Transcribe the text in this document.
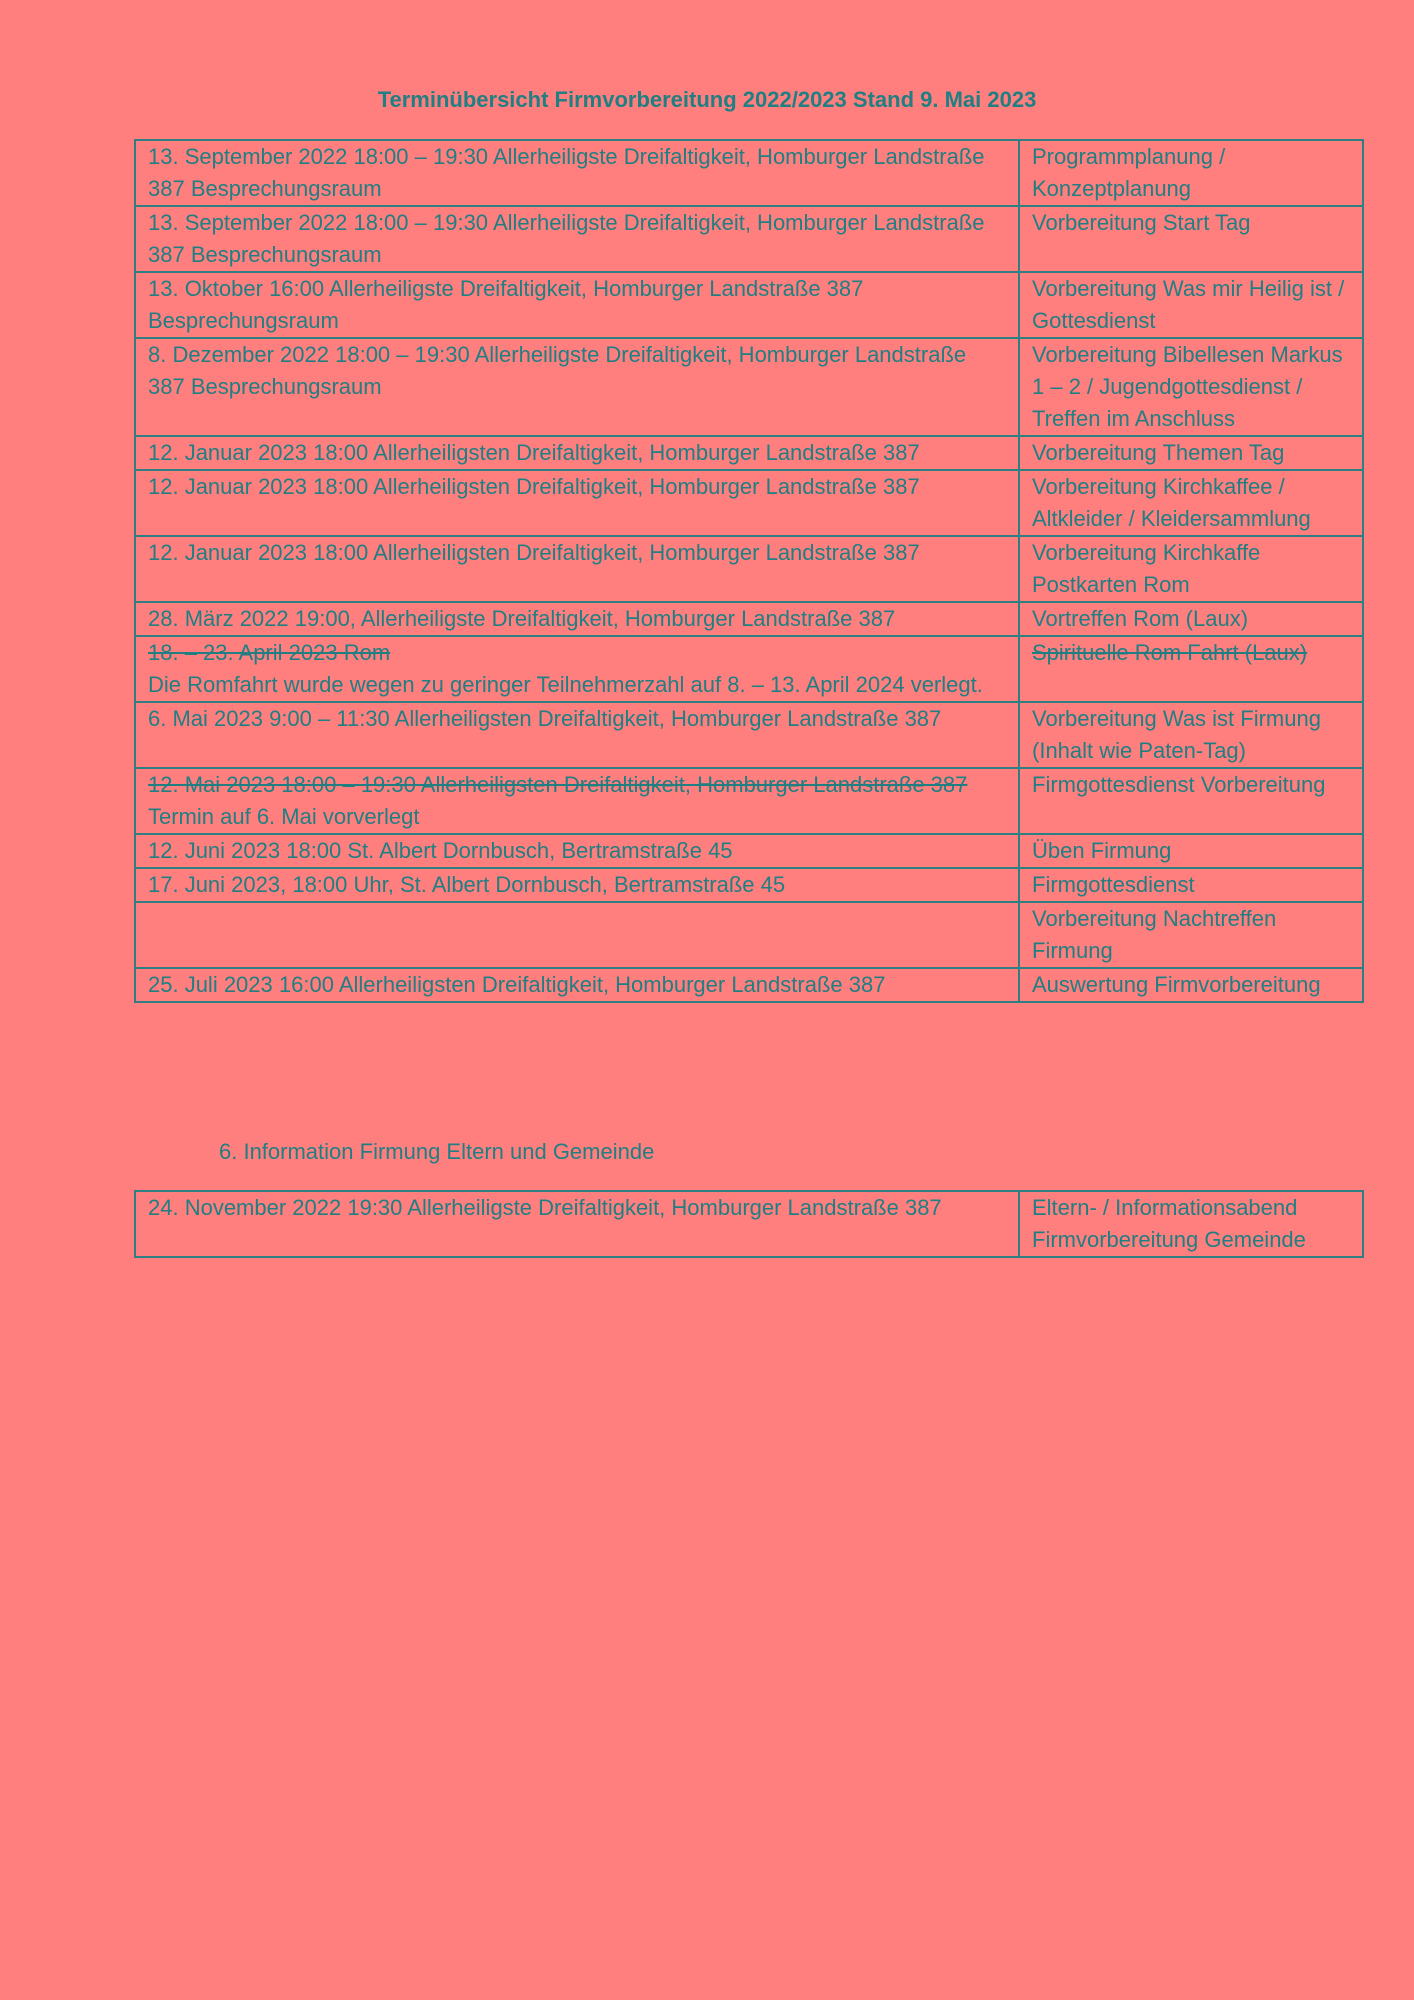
Terminübersicht Firmvorbereitung 2022/2023 Stand 9. Mai 2023
13. September 2022 18:00 – 19:30 Allerheiligste Dreifaltigkeit, Homburger Landstraße 387 Besprechungsraum	Programmplanung / Konzeptplanung
13. September 2022 18:00 – 19:30 Allerheiligste Dreifaltigkeit, Homburger Landstraße 387 Besprechungsraum	Vorbereitung Start Tag
13. Oktober 16:00 Allerheiligste Dreifaltigkeit, Homburger Landstraße 387 Besprechungsraum	Vorbereitung Was mir Heilig ist / Gottesdienst
8. Dezember 2022 18:00 – 19:30 Allerheiligste Dreifaltigkeit, Homburger Landstraße 387 Besprechungsraum	Vorbereitung Bibellesen Markus 1 – 2 / Jugendgottesdienst / Treffen im Anschluss
12. Januar 2023 18:00 Allerheiligsten Dreifaltigkeit, Homburger Landstraße 387	Vorbereitung Themen Tag
12. Januar 2023 18:00 Allerheiligsten Dreifaltigkeit, Homburger Landstraße 387	Vorbereitung Kirchkaffee / Altkleider / Kleidersammlung
12. Januar 2023 18:00 Allerheiligsten Dreifaltigkeit, Homburger Landstraße 387	Vorbereitung Kirchkaffe Postkarten Rom
28. März 2022 19:00, Allerheiligste Dreifaltigkeit, Homburger Landstraße 387	Vortreffen Rom (Laux)

18. – 23. April 2023 Rom
Die Romfahrt wurde wegen zu geringer Teilnehmerzahl auf 8. – 13. April 2024 verlegt.	Spirituelle Rom Fahrt (Laux)

6. Mai 2023 9:00 – 11:30 Allerheiligsten Dreifaltigkeit, Homburger Landstraße 387	Vorbereitung Was ist Firmung (Inhalt wie Paten-Tag)

12. Mai 2023 18:00 – 19:30 Allerheiligsten Dreifaltigkeit, Homburger Landstraße 387
Termin auf 6. Mai vorverlegt	Firmgottesdienst Vorbereitung
12. Juni 2023 18:00 St. Albert Dornbusch, Bertramstraße 45	Üben Firmung
17. Juni 2023, 18:00 Uhr, St. Albert Dornbusch, Bertramstraße 45	Firmgottesdienst
	Vorbereitung Nachtreffen Firmung
25. Juli 2023 16:00 Allerheiligsten Dreifaltigkeit, Homburger Landstraße 387	Auswertung Firmvorbereitung
6. Information Firmung Eltern und Gemeinde
24. November 2022 19:30 Allerheiligste Dreifaltigkeit, Homburger Landstraße 387	Eltern- / Informationsabend Firmvorbereitung Gemeinde
